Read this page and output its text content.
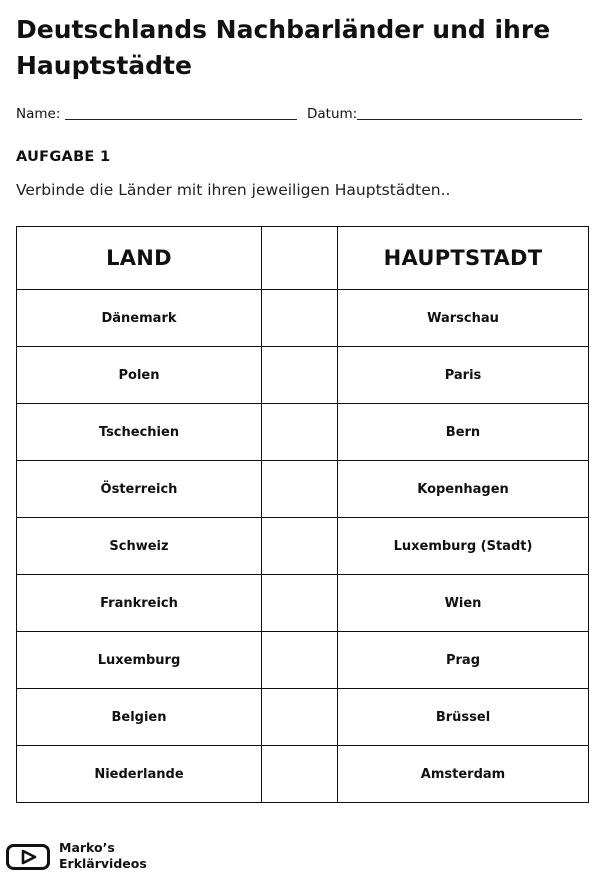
Deutschlands Nachbarländer und ihre Hauptstädte
Name:	Datum:
AUFGABE 1

Verbinde die Länder mit ihren jeweiligen Hauptstädten..

LAND		HAUPTSTADT
Dänemark		Warschau
Polen		Paris
Tschechien		Bern
Österreich		Kopenhagen
Schweiz		Luxemburg (Stadt)
Frankreich		Wien
Luxemburg		Prag
Belgien		Brüssel
Niederlande		Amsterdam
Marko’s
Erklärvideos
